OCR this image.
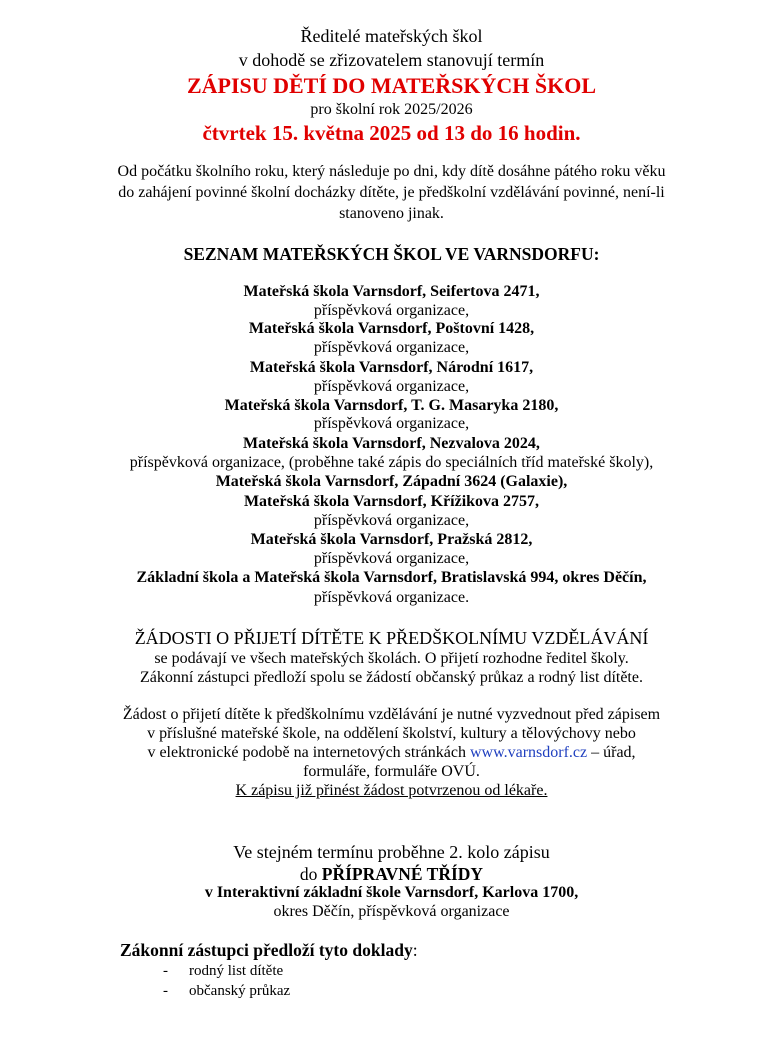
Ředitelé mateřských škol
v dohodě se zřizovatelem stanovují termín
ZÁPISU DĚTÍ DO MATEŘSKÝCH ŠKOL
pro školní rok 2025/2026
čtvrtek 15. května 2025 od 13 do 16 hodin.
Od počátku školního roku, který následuje po dni, kdy dítě dosáhne pátého roku věku
do zahájení povinné školní docházky dítěte, je předškolní vzdělávání povinné, není-li
stanoveno jinak.
SEZNAM MATEŘSKÝCH ŠKOL VE VARNSDORFU:
Mateřská škola Varnsdorf, Seifertova 2471,
příspěvková organizace,
Mateřská škola Varnsdorf, Poštovní 1428,
příspěvková organizace,
Mateřská škola Varnsdorf, Národní 1617,
příspěvková organizace,
Mateřská škola Varnsdorf, T. G. Masaryka 2180,
příspěvková organizace,
Mateřská škola Varnsdorf, Nezvalova 2024,
příspěvková organizace, (proběhne také zápis do speciálních tříd mateřské školy),
Mateřská škola Varnsdorf, Západní 3624 (Galaxie),
Mateřská škola Varnsdorf, Křížikova 2757,
příspěvková organizace,
Mateřská škola Varnsdorf, Pražská 2812,
příspěvková organizace,
Základní škola a Mateřská škola Varnsdorf, Bratislavská 994, okres Děčín,
příspěvková organizace.
ŽÁDOSTI O PŘIJETÍ DÍTĚTE K PŘEDŠKOLNÍMU VZDĚLÁVÁNÍ
se podávají ve všech mateřských školách. O přijetí rozhodne ředitel školy.
Zákonní zástupci předloží spolu se žádostí občanský průkaz a rodný list dítěte.
Žádost o přijetí dítěte k předškolnímu vzdělávání je nutné vyzvednout před zápisem
v příslušné mateřské škole, na oddělení školství, kultury a tělovýchovy nebo
v elektronické podobě na internetových stránkách www.varnsdorf.cz – úřad,
formuláře, formuláře OVÚ.
K zápisu již přinést žádost potvrzenou od lékaře.
Ve stejném termínu proběhne 2. kolo zápisu
do PŘÍPRAVNÉ TŘÍDY
v Interaktivní základní škole Varnsdorf, Karlova 1700,
okres Děčín, příspěvková organizace
Zákonní zástupci předloží tyto doklady:
- rodný list dítěte
- občanský průkaz
